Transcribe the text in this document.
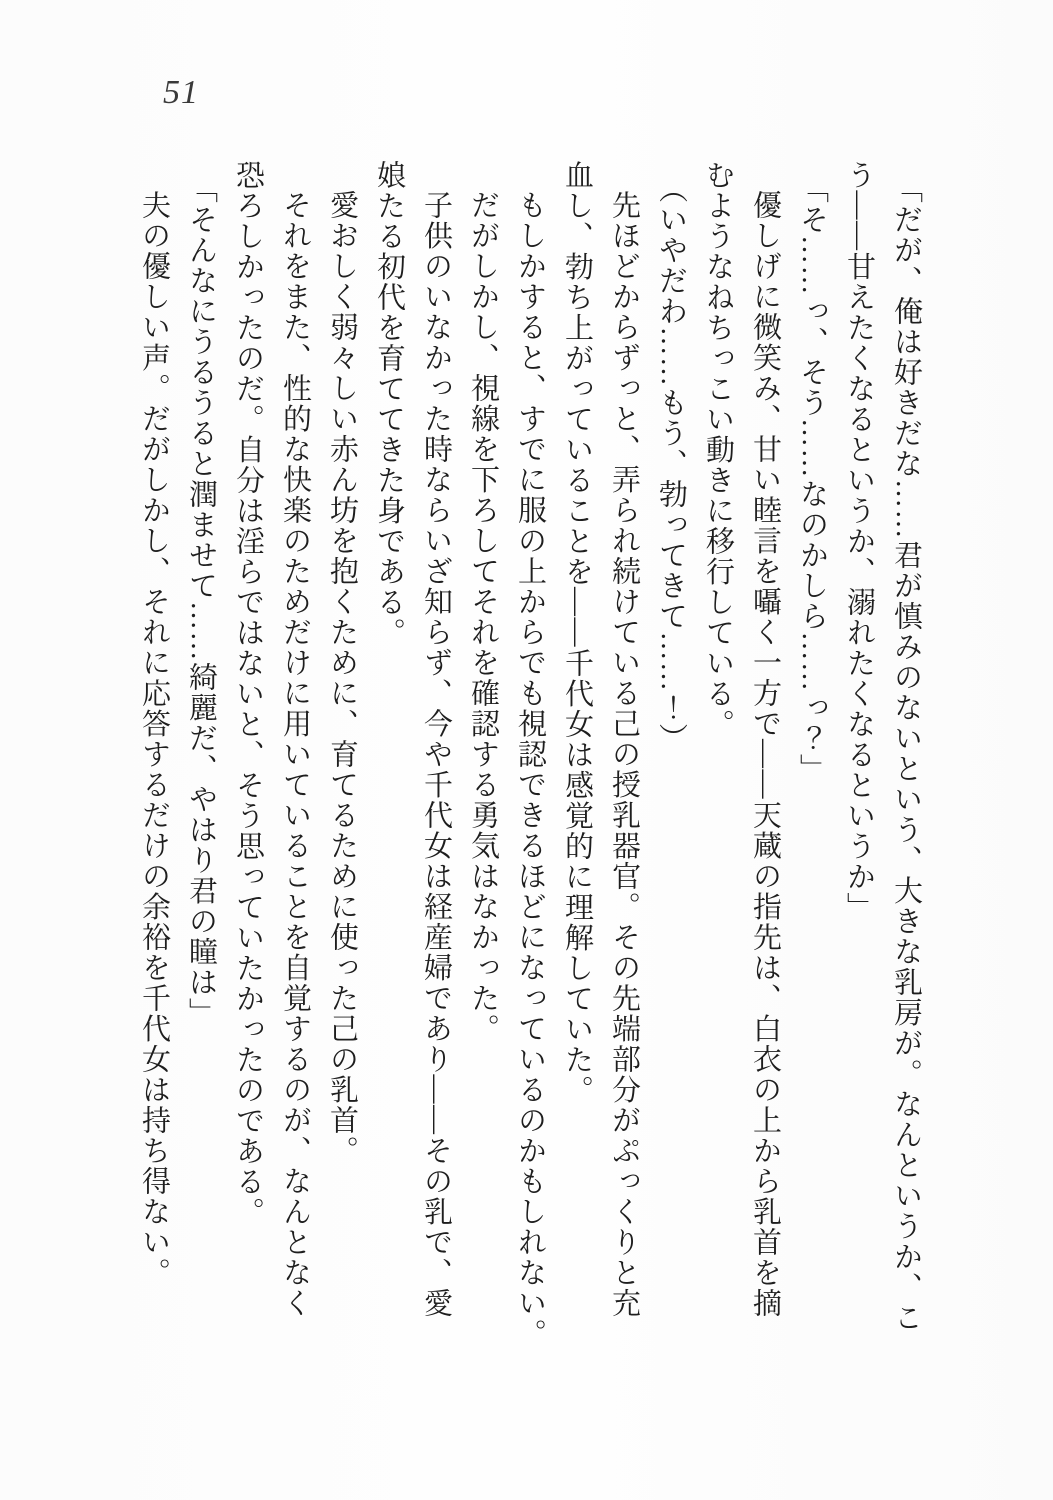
51

「だが、俺は好きだな……君が慎みのないという、大きな乳房が。なんというか、こ

う――甘えたくなるというか、溺れたくなるというか」

「そ……っ、そう……なのかしら……っ？」

優しげに微笑み、甘い睦言を囁く一方で――天蔵の指先は、白衣の上から乳首を摘

むようなねちっこい動きに移行している。

（いやだわ……もう、勃ってきて……！）

先ほどからずっと、弄られ続けている己の授乳器官。その先端部分がぷっくりと充

血し、勃ち上がっていることを――千代女は感覚的に理解していた。

もしかすると、すでに服の上からでも視認できるほどになっているのかもしれない。

だがしかし、視線を下ろしてそれを確認する勇気はなかった。

子供のいなかった時ならいざ知らず、今や千代女は経産婦であり――その乳で、愛

娘たる初代を育ててきた身である。

愛おしく弱々しい赤ん坊を抱くために、育てるために使った己の乳首。

それをまた、性的な快楽のためだけに用いていることを自覚するのが、なんとなく

恐ろしかったのだ。自分は淫らではないと、そう思っていたかったのである。

「そんなにうるうると潤ませて……綺麗だ、やはり君の瞳は」

夫の優しい声。だがしかし、それに応答するだけの余裕を千代女は持ち得ない。
